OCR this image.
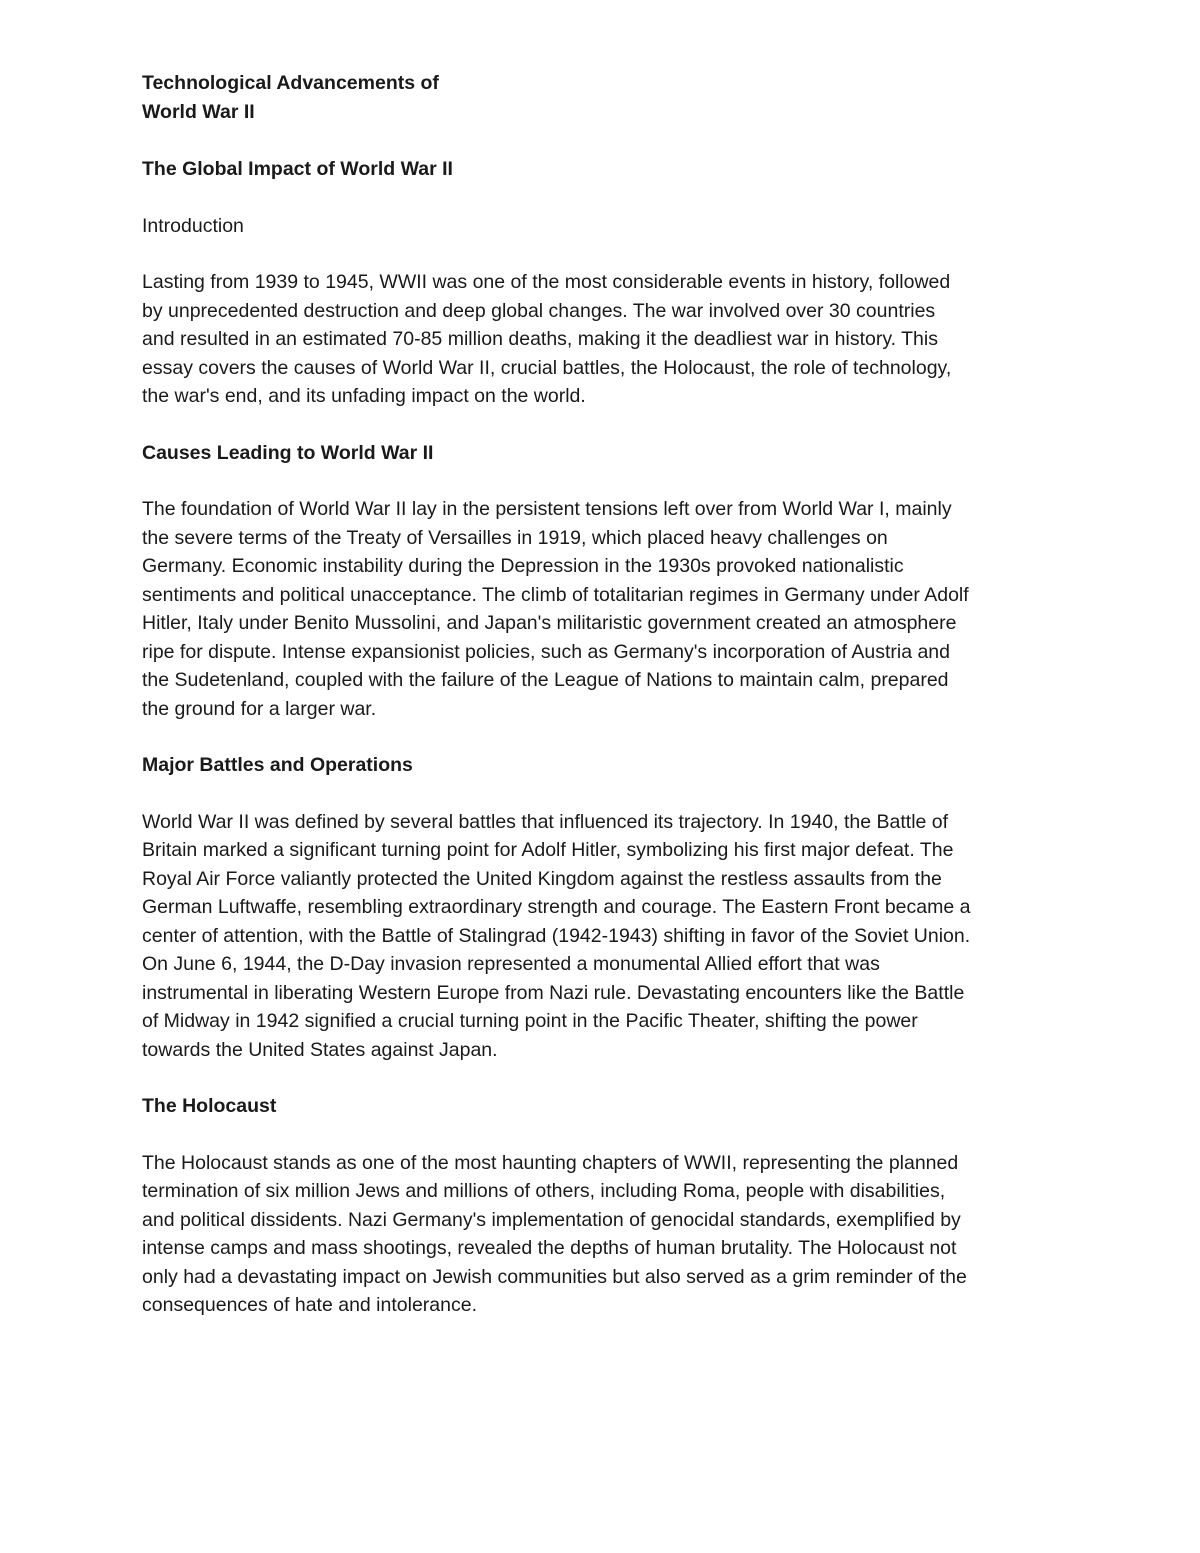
Technological Advancements of
World War II
The Global Impact of World War II
Introduction
Lasting from 1939 to 1945, WWII was one of the most considerable events in history, followed
by unprecedented destruction and deep global changes. The war involved over 30 countries
and resulted in an estimated 70-85 million deaths, making it the deadliest war in history. This
essay covers the causes of World War II, crucial battles, the Holocaust, the role of technology,
the war's end, and its unfading impact on the world.
Causes Leading to World War II
The foundation of World War II lay in the persistent tensions left over from World War I, mainly
the severe terms of the Treaty of Versailles in 1919, which placed heavy challenges on
Germany. Economic instability during the Depression in the 1930s provoked nationalistic
sentiments and political unacceptance. The climb of totalitarian regimes in Germany under Adolf
Hitler, Italy under Benito Mussolini, and Japan's militaristic government created an atmosphere
ripe for dispute. Intense expansionist policies, such as Germany's incorporation of Austria and
the Sudetenland, coupled with the failure of the League of Nations to maintain calm, prepared
the ground for a larger war.
Major Battles and Operations
World War II was defined by several battles that influenced its trajectory. In 1940, the Battle of
Britain marked a significant turning point for Adolf Hitler, symbolizing his first major defeat. The
Royal Air Force valiantly protected the United Kingdom against the restless assaults from the
German Luftwaffe, resembling extraordinary strength and courage. The Eastern Front became a
center of attention, with the Battle of Stalingrad (1942-1943) shifting in favor of the Soviet Union.
On June 6, 1944, the D-Day invasion represented a monumental Allied effort that was
instrumental in liberating Western Europe from Nazi rule. Devastating encounters like the Battle
of Midway in 1942 signified a crucial turning point in the Pacific Theater, shifting the power
towards the United States against Japan.
The Holocaust
The Holocaust stands as one of the most haunting chapters of WWII, representing the planned
termination of six million Jews and millions of others, including Roma, people with disabilities,
and political dissidents. Nazi Germany's implementation of genocidal standards, exemplified by
intense camps and mass shootings, revealed the depths of human brutality. The Holocaust not
only had a devastating impact on Jewish communities but also served as a grim reminder of the
consequences of hate and intolerance.
